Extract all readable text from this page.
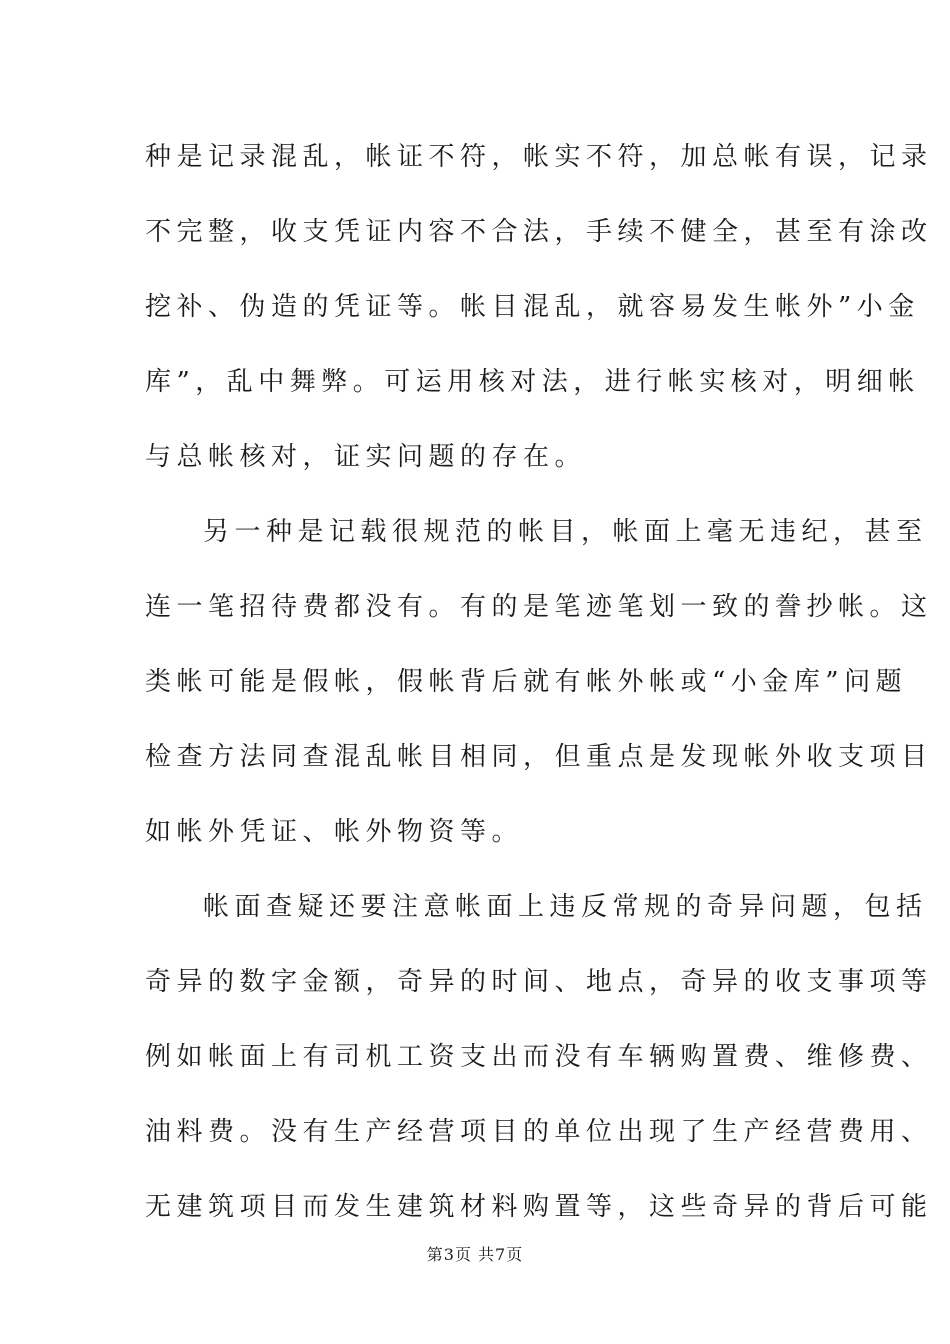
种是记录混乱，帐证不符，帐实不符，加总帐有误，记录
不完整，收支凭证内容不合法，手续不健全，甚至有涂改
挖补、伪造的凭证等。帐目混乱，就容易发生帐外”小金
库”，乱中舞弊。可运用核对法，进行帐实核对，明细帐
与总帐核对，证实问题的存在。
另一种是记载很规范的帐目，帐面上毫无违纪，甚至
连一笔招待费都没有。有的是笔迹笔划一致的誊抄帐。这
类帐可能是假帐，假帐背后就有帐外帐或“小金库”问题
检查方法同查混乱帐目相同，但重点是发现帐外收支项目
如帐外凭证、帐外物资等。
帐面查疑还要注意帐面上违反常规的奇异问题，包括
奇异的数字金额，奇异的时间、地点，奇异的收支事项等
例如帐面上有司机工资支出而没有车辆购置费、维修费、
油料费。没有生产经营项目的单位出现了生产经营费用、
无建筑项目而发生建筑材料购置等，这些奇异的背后可能
第3页 共7页
